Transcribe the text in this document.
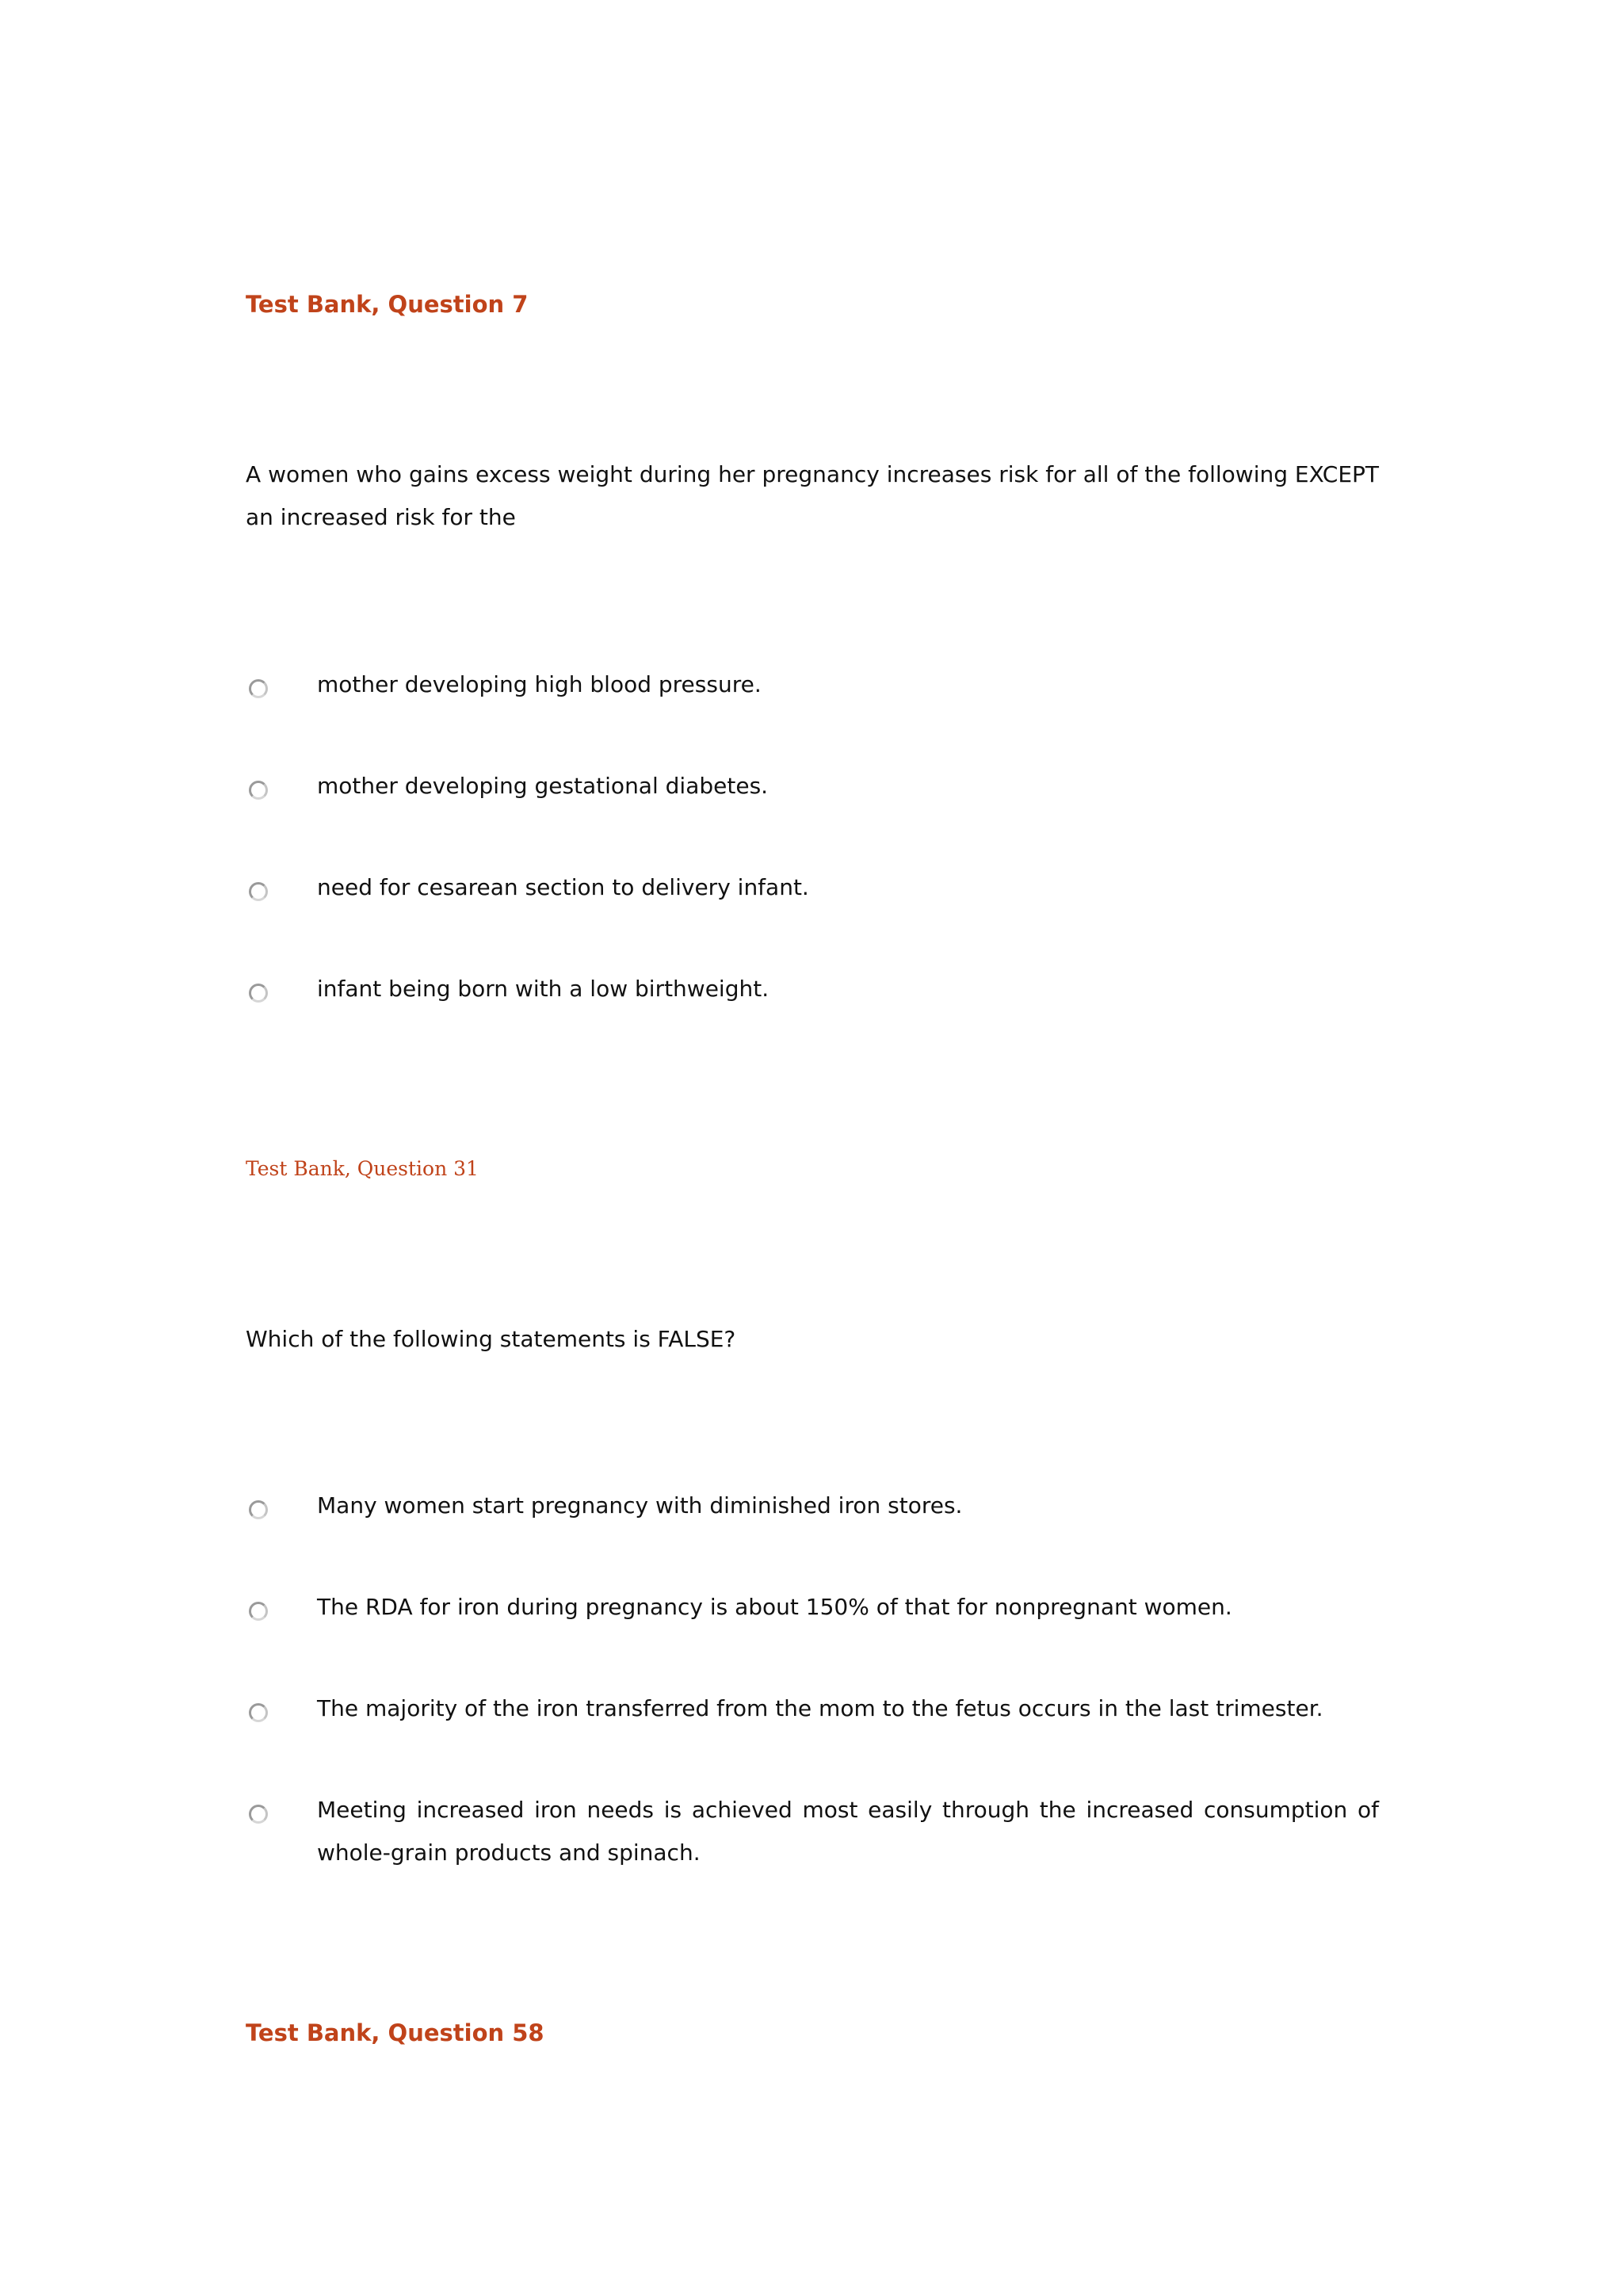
Test Bank, Question 7

A women who gains excess weight during her pregnancy increases risk for all of the following EXCEPT an increased risk for the

mother developing high blood pressure.

mother developing gestational diabetes.

need for cesarean section to delivery infant.

infant being born with a low birthweight.

Test Bank, Question 31

Which of the following statements is FALSE?

Many women start pregnancy with diminished iron stores.

The RDA for iron during pregnancy is about 150% of that for nonpregnant women.

The majority of the iron transferred from the mom to the fetus occurs in the last trimester.

Meeting increased iron needs is achieved most easily through the increased consumption of whole-grain products and spinach.

Test Bank, Question 58
